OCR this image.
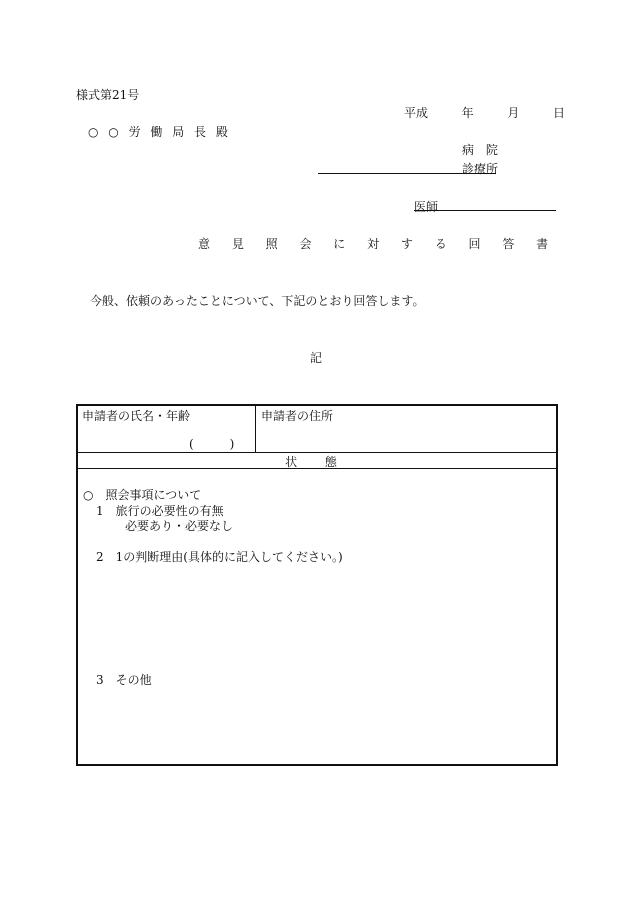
様式第21号
平成	年	月	日
○ ○ 労 働 局 長 殿
病 院
診療所
医師
意 見 照 会 に 対 す る 回 答 書
今般、依頼のあったことについて、下記のとおり回答します。
記
申請者の氏名・年齢
(　　　)
申請者の住所
状 態
○　照会事項について
1　旅行の必要性の有無
必要あり・必要なし
2　1の判断理由(具体的に記入してください。)
3　その他
